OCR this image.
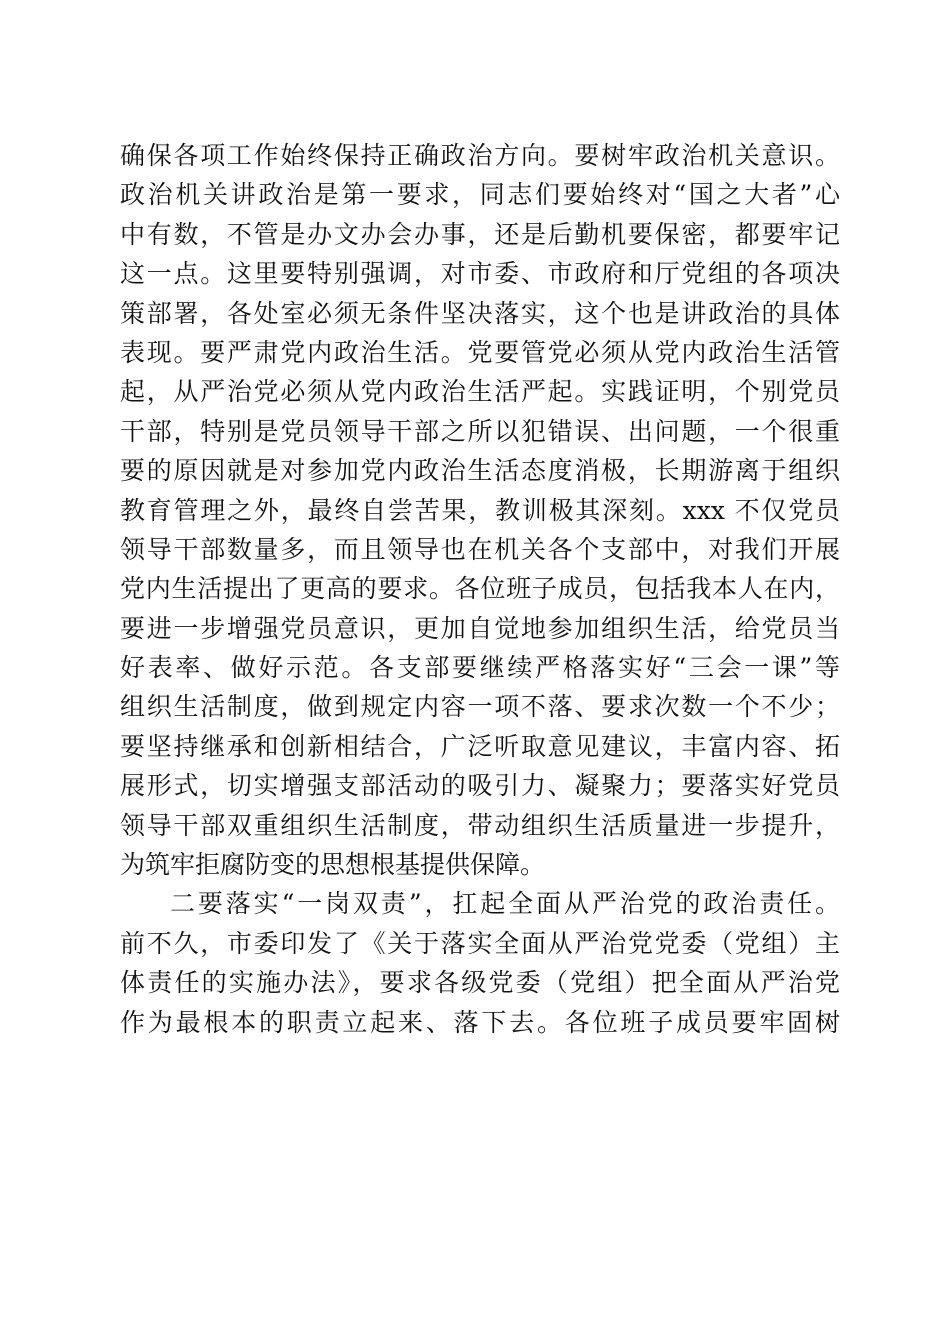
确保各项工作始终保持正确政治方向。要树牢政治机关意识。
政治机关讲政治是第一要求，同志们要始终对“国之大者”心
中有数，不管是办文办会办事，还是后勤机要保密，都要牢记
这一点。这里要特别强调，对市委、市政府和厅党组的各项决
策部署，各处室必须无条件坚决落实，这个也是讲政治的具体
表现。要严肃党内政治生活。党要管党必须从党内政治生活管
起，从严治党必须从党内政治生活严起。实践证明，个别党员
干部，特别是党员领导干部之所以犯错误、出问题，一个很重
要的原因就是对参加党内政治生活态度消极，长期游离于组织
教育管理之外，最终自尝苦果，教训极其深刻。xxx 不仅党员
领导干部数量多，而且领导也在机关各个支部中，对我们开展
党内生活提出了更高的要求。各位班子成员，包括我本人在内，
要进一步增强党员意识，更加自觉地参加组织生活，给党员当
好表率、做好示范。各支部要继续严格落实好“三会一课”等
组织生活制度，做到规定内容一项不落、要求次数一个不少；
要坚持继承和创新相结合，广泛听取意见建议，丰富内容、拓
展形式，切实增强支部活动的吸引力、凝聚力；要落实好党员
领导干部双重组织生活制度，带动组织生活质量进一步提升，
为筑牢拒腐防变的思想根基提供保障。
二要落实“一岗双责”，扛起全面从严治党的政治责任。
前不久，市委印发了《关于落实全面从严治党党委（党组）主
体责任的实施办法》，要求各级党委（党组）把全面从严治党
作为最根本的职责立起来、落下去。各位班子成员要牢固树
